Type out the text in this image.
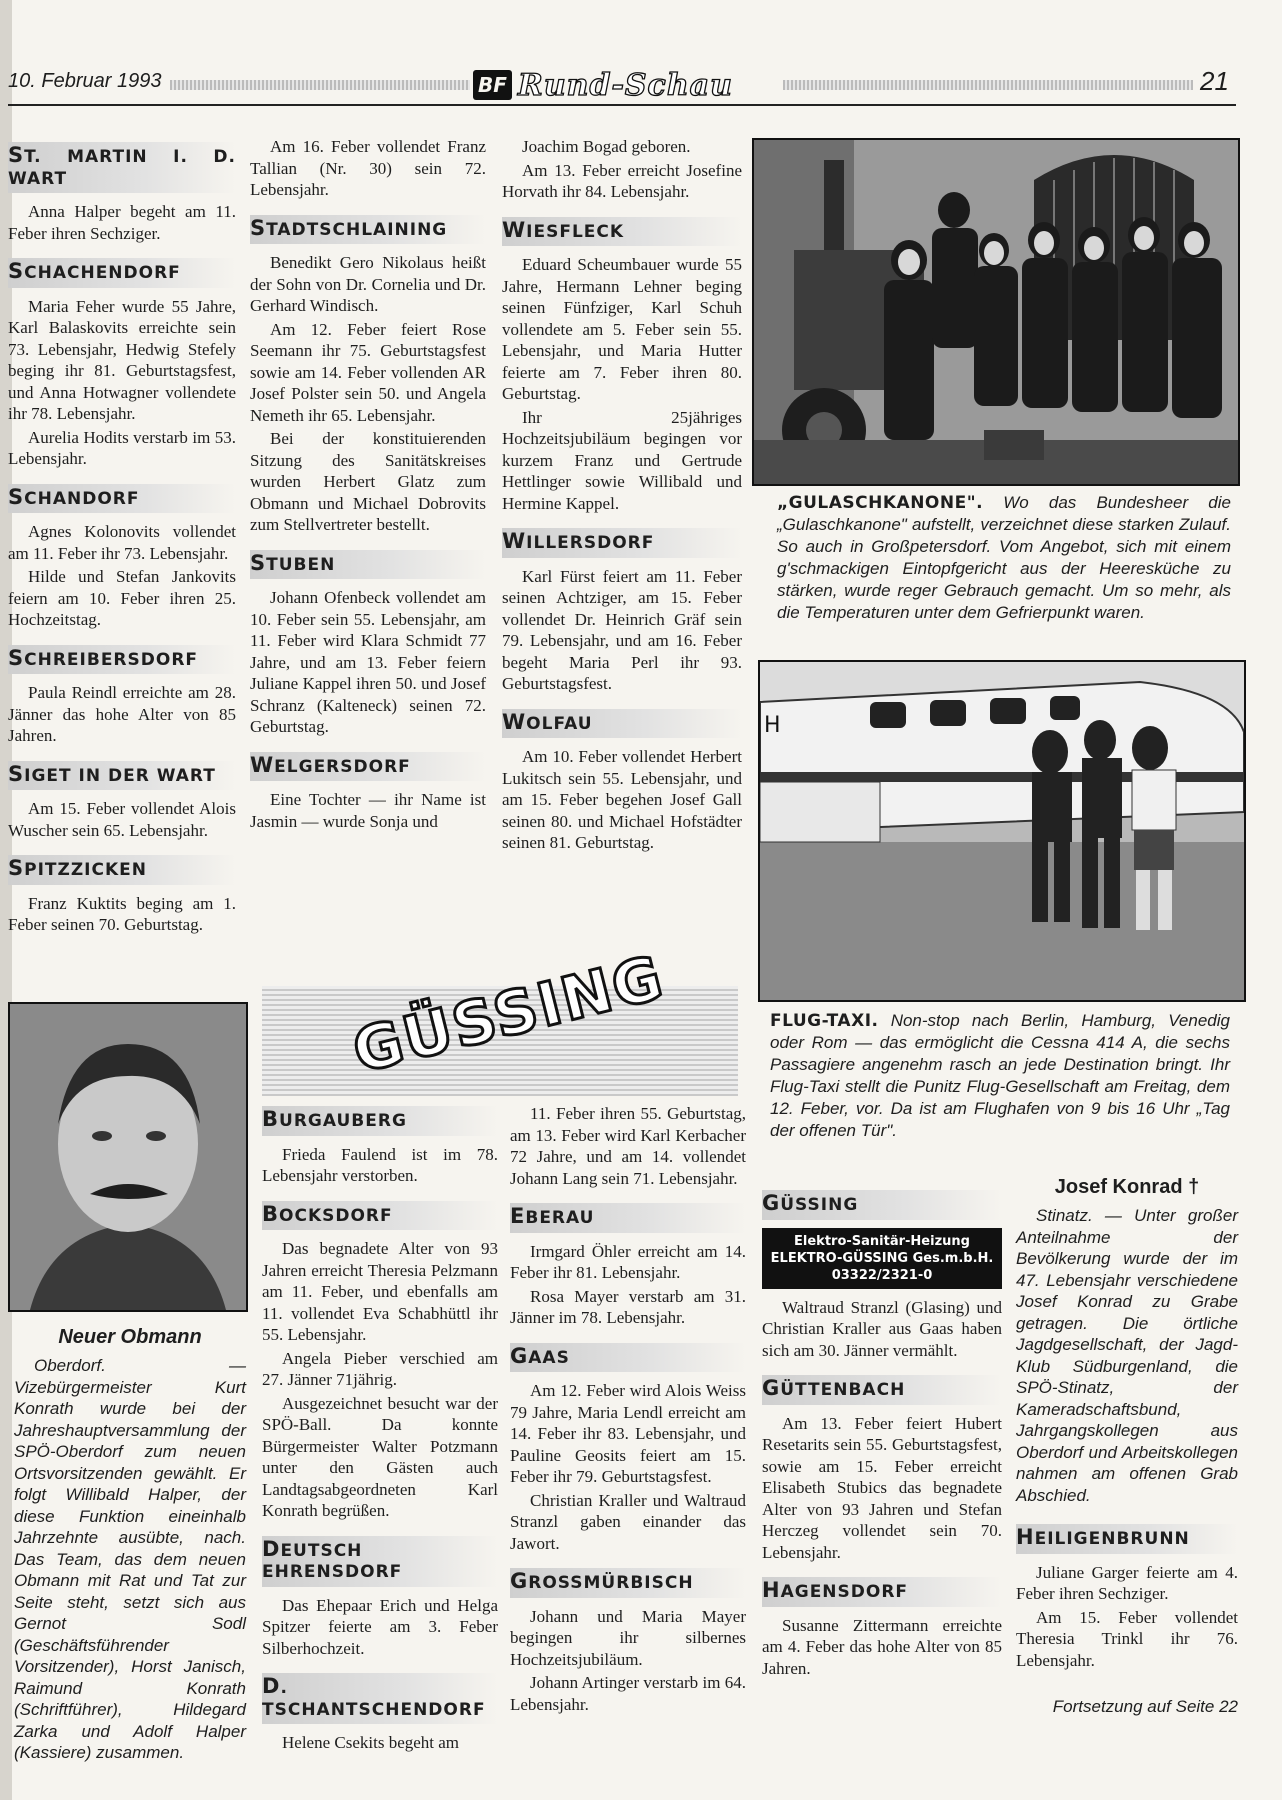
10. Februar 1993	BF Rund-Schau	21
ST. MARTIN I. D. WART

Anna Halper begeht am 11. Feber ihren Sechziger.

SCHACHENDORF

Maria Feher wurde 55 Jahre, Karl Balaskovits erreichte sein 73. Lebensjahr, Hedwig Stefely beging ihr 81. Geburtstagsfest, und Anna Hotwagner vollendete ihr 78. Lebensjahr.

Aurelia Hodits verstarb im 53. Lebensjahr.

SCHANDORF

Agnes Kolonovits vollendet am 11. Feber ihr 73. Lebensjahr.

Hilde und Stefan Jankovits feiern am 10. Feber ihren 25. Hochzeitstag.

SCHREIBERSDORF

Paula Reindl erreichte am 28. Jänner das hohe Alter von 85 Jahren.

SIGET IN DER WART

Am 15. Feber vollendet Alois Wuscher sein 65. Lebensjahr.

SPITZZICKEN

Franz Kuktits beging am 1. Feber seinen 70. Geburtstag.

Am 16. Feber vollendet Franz Tallian (Nr. 30) sein 72. Lebensjahr.

STADTSCHLAINING

Benedikt Gero Nikolaus heißt der Sohn von Dr. Cornelia und Dr. Gerhard Windisch.

Am 12. Feber feiert Rose Seemann ihr 75. Geburtstagsfest sowie am 14. Feber vollenden AR Josef Polster sein 50. und Angela Nemeth ihr 65. Lebensjahr.

Bei der konstituierenden Sitzung des Sanitätskreises wurden Herbert Glatz zum Obmann und Michael Dobrovits zum Stellvertreter bestellt.

STUBEN

Johann Ofenbeck vollendet am 10. Feber sein 55. Lebensjahr, am 11. Feber wird Klara Schmidt 77 Jahre, und am 13. Feber feiern Juliane Kappel ihren 50. und Josef Schranz (Kalteneck) seinen 72. Geburtstag.

WELGERSDORF

Eine Tochter — ihr Name ist Jasmin — wurde Sonja und

Joachim Bogad geboren.

Am 13. Feber erreicht Josefine Horvath ihr 84. Lebensjahr.

WIESFLECK

Eduard Scheumbauer wurde 55 Jahre, Hermann Lehner beging seinen Fünfziger, Karl Schuh vollendete am 5. Feber sein 55. Lebensjahr, und Maria Hutter feierte am 7. Feber ihren 80. Geburtstag.

Ihr 25jähriges Hochzeitsjubiläum begingen vor kurzem Franz und Gertrude Hettlinger sowie Willibald und Hermine Kappel.

WILLERSDORF

Karl Fürst feiert am 11. Feber seinen Achtziger, am 15. Feber vollendet Dr. Heinrich Gräf sein 79. Lebensjahr, und am 16. Feber begeht Maria Perl ihr 93. Geburtstagsfest.

WOLFAU

Am 10. Feber vollendet Herbert Lukitsch sein 55. Lebensjahr, und am 15. Feber begehen Josef Gall seinen 80. und Michael Hofstädter seinen 81. Geburtstag.

„GULASCHKANONE". Wo das Bundesheer die „Gulaschkanone" aufstellt, verzeichnet diese starken Zulauf. So auch in Großpetersdorf. Vom Angebot, sich mit einem g'schmackigen Eintopfgericht aus der Heeresküche zu stärken, wurde reger Gebrauch gemacht. Um so mehr, als die Temperaturen unter dem Gefrierpunkt waren.
H
FLUG-TAXI. Non-stop nach Berlin, Hamburg, Venedig oder Rom — das ermöglicht die Cessna 414 A, die sechs Passagiere angenehm rasch an jede Destination bringt. Ihr Flug-Taxi stellt die Punitz Flug-Gesellschaft am Freitag, dem 12. Feber, vor. Da ist am Flughafen von 9 bis 16 Uhr „Tag der offenen Tür".
GÜSSING
Neuer Obmann
Oberdorf. — Vizebürgermeister Kurt Konrath wurde bei der Jahreshauptversammlung der SPÖ-Oberdorf zum neuen Ortsvorsitzenden gewählt. Er folgt Willibald Halper, der diese Funktion eineinhalb Jahrzehnte ausübte, nach. Das Team, das dem neuen Obmann mit Rat und Tat zur Seite steht, setzt sich aus Gernot Sodl (Geschäftsführender Vorsitzender), Horst Janisch, Raimund Konrath (Schriftführer), Hildegard Zarka und Adolf Halper (Kassiere) zusammen.
BURGAUBERG

Frieda Faulend ist im 78. Lebensjahr verstorben.

BOCKSDORF

Das begnadete Alter von 93 Jahren erreicht Theresia Pelzmann am 11. Feber, und ebenfalls am 11. vollendet Eva Schabhüttl ihr 55. Lebensjahr.

Angela Pieber verschied am 27. Jänner 71jährig.

Ausgezeichnet besucht war der SPÖ-Ball. Da konnte Bürgermeister Walter Potzmann unter den Gästen auch Landtagsabgeordneten Karl Konrath begrüßen.

DEUTSCH EHRENSDORF

Das Ehepaar Erich und Helga Spitzer feierte am 3. Feber Silberhochzeit.

D. TSCHANTSCHENDORF

Helene Csekits begeht am

11. Feber ihren 55. Geburtstag, am 13. Feber wird Karl Kerbacher 72 Jahre, und am 14. vollendet Johann Lang sein 71. Lebensjahr.

EBERAU

Irmgard Öhler erreicht am 14. Feber ihr 81. Lebensjahr.

Rosa Mayer verstarb am 31. Jänner im 78. Lebensjahr.

GAAS

Am 12. Feber wird Alois Weiss 79 Jahre, Maria Lendl erreicht am 14. Feber ihr 83. Lebensjahr, und Pauline Geosits feiert am 15. Feber ihr 79. Geburtstagsfest.

Christian Kraller und Waltraud Stranzl gaben einander das Jawort.

GROSSMÜRBISCH

Johann und Maria Mayer begingen ihr silbernes Hochzeitsjubiläum.

Johann Artinger verstarb im 64. Lebensjahr.

GÜSSING
Elektro-Sanitär-Heizung
ELEKTRO-GÜSSING Ges.m.b.H.
03322/2321-0

Waltraud Stranzl (Glasing) und Christian Kraller aus Gaas haben sich am 30. Jänner vermählt.

GÜTTENBACH

Am 13. Feber feiert Hubert Resetarits sein 55. Geburtstagsfest, sowie am 15. Feber erreicht Elisabeth Stubics das begnadete Alter von 93 Jahren und Stefan Herczeg vollendet sein 70. Lebensjahr.

HAGENSDORF

Susanne Zittermann erreichte am 4. Feber das hohe Alter von 85 Jahren.

Josef Konrad †
Stinatz. — Unter großer Anteilnahme der Bevölkerung wurde der im 47. Lebensjahr verschiedene Josef Konrad zu Grabe getragen. Die örtliche Jagdgesellschaft, der Jagd-Klub Südburgenland, die SPÖ-Stinatz, der Kameradschaftsbund, Jahrgangskollegen aus Oberdorf und Arbeitskollegen nahmen am offenen Grab Abschied.
HEILIGENBRUNN

Juliane Garger feierte am 4. Feber ihren Sechziger.

Am 15. Feber vollendet Theresia Trinkl ihr 76. Lebensjahr.

Fortsetzung auf Seite 22
